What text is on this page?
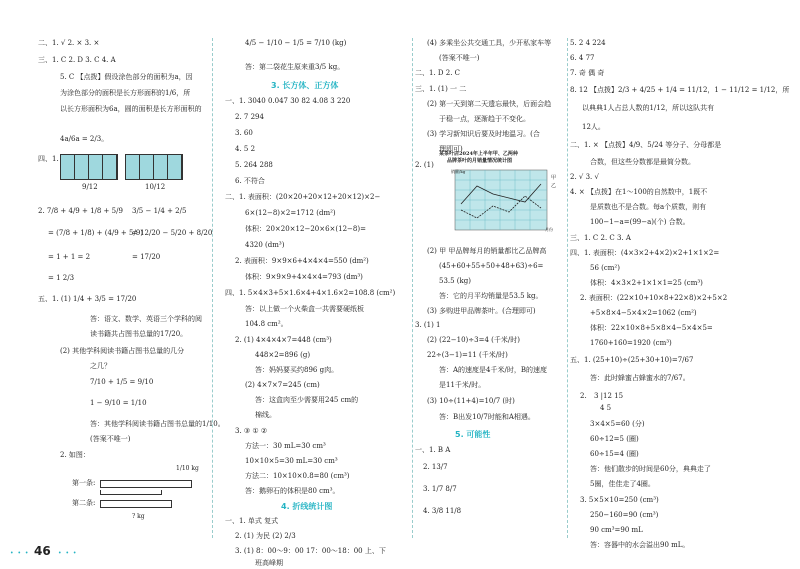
二、1. √ 2. × 3. ×
三、1. C 2. D 3. C 4. A
5. C 【点拨】假设涂色部分的面积为a，因
为涂色部分的面积是长方形面积的1/6，所
以长方形面积为6a，圆的面积是长方形面积的
4a/6a = 2/3。
四、1.
9/12	10/12
2. 7/8 + 4/9 + 1/8 + 5/9
= (7/8 + 1/8) + (4/9 + 5/9)
= 1 + 1 = 2
3/5 − 1/4 + 2/5
= 12/20 − 5/20 + 8/20
= 17/20
= 1 2/3
五、1. (1) 1/4 + 3/5 = 17/20
答：语文、数学、英语三个学科的阅
读书籍共占图书总量的17/20。
(2) 其他学科阅读书籍占图书总量的几分
之几？
7/10 + 1/5 = 9/10
1 − 9/10 = 1/10
答：其他学科阅读书籍占图书总量的1/10。
(答案不唯一)
2. 如图：
1/10 kg
第一条:
第二条:
? kg
4/5 − 1/10 − 1/5 = 7/10 (kg)
答：第二袋花生原来重3/5 kg。
3. 长方体、正方体
一、1. 3040 0.047 30 82 4.08 3 220
2. 7 294
3. 60
4. 5 2
5. 264 288
6. 不符合
二、1. 表面积：(20×20+20×12+20×12)×2−
6×(12−8)×2=1712 (dm²)
体积：20×20×12−20×6×(12−8)=
4320 (dm³)
2. 表面积：9×9×6+4×4×4=550 (dm²)
体积：9×9×9+4×4×4=793 (dm³)
四、1. 5×4×3+5×1.6×4+4×1.6×2=108.8 (cm²)
答：以上做一个火柴盒一共需要硬纸板
104.8 cm²。
2. (1) 4×4×4×7=448 (cm³)
448×2=896 (g)
答：妈妈要买约896 g肉。
(2) 4×7×7=245 (cm)
答：这盒肉至少需要用245 cm的
棉线。
3. ③ ① ②
方法一：30 mL=30 cm³
10×10×5=30 mL=30 cm³
方法二：10×10×0.8=80 (cm³)
答：鹅卵石的体积是80 cm³。
4. 折线统计图
一、1. 单式 复式
2. (1) 为民 (2) 2/3
3. (1) 8：00～9：00 17：00～18：00 上、下
班高峰期
(4) 多乘坐公共交通工具，少开私家车等
(答案不唯一)
二、1. D 2. C
三、1. (1) 一 二
(2) 第一天到第二天遗忘最快，后面会趋
于稳一点，逐渐趋于不变化。
(3) 学习新知识后要及时地温习。(合
理即可)
2. (1)
某茶叶店2024年上半年甲、乙两种
品牌茶叶的月销量情况统计图
销量/kg
甲
乙
月份
(2) 甲 甲品牌每月的销量都比乙品牌高
(45+60+55+50+48+63)÷6=
53.5 (kg)
答：它的月平均销量是53.5 kg。
(3) 多购进甲品牌茶叶。(合理即可)
3. (1) 1
(2) (22−10)÷3=4 (千米/时)
22÷(3−1)=11 (千米/时)
答：A的速度是4千米/时，B的速度
是11千米/时。
(3) 10÷(11+4)=10/7 (时)
答：B出发10/7时能和A相遇。
5. 可能性
一、1. B A
2. 13/7
3. 1/7 8/7
4. 3/8 11/8
5. 2 4 224
6. 4 77
7. 奇 偶 奇
8. 12 【点拨】2/3 + 4/25 + 1/4 = 11/12，1 − 11/12 = 1/12，所
以典典1人占总人数的1/12，所以这队共有
12人。
二、1. × 【点拨】4/9、5/24 等分子、分母都是
合数，但这些分数都是最简分数。
2. √ 3. √
4. × 【点拨】在1～100的自然数中，1既不
是质数也不是合数。每a个质数，则有
100−1−a=(99−a)(个) 合数。
三、1. C 2. C 3. A
四、1. 表面积：(4×3×2+4×2)×2+1×1×2=
56 (cm²)
体积：4×3×2+1×1×1=25 (cm³)
2. 表面积：(22×10+10×8+22×8)×2+5×2
+5×8×4−5×4×2=1062 (cm²)
体积：22×10×8+5×8×4−5×4×5=
1760+160=1920 (cm³)
五、1. (25+10)÷(25+30+10)=7/67
答：此时蜂蜜占蜂蜜水的7/67。
2. 3 |12 15
4 5
3×4×5=60 (分)
60÷12=5 (圈)
60÷15=4 (圈)
答：他们散步的时间是60分，典典走了
5圈，佳佳走了4圈。
3. 5×5×10=250 (cm³)
250−160=90 (cm³)
90 cm³=90 mL
答：容器中的水会溢出90 mL。
• • • 46 • • •
